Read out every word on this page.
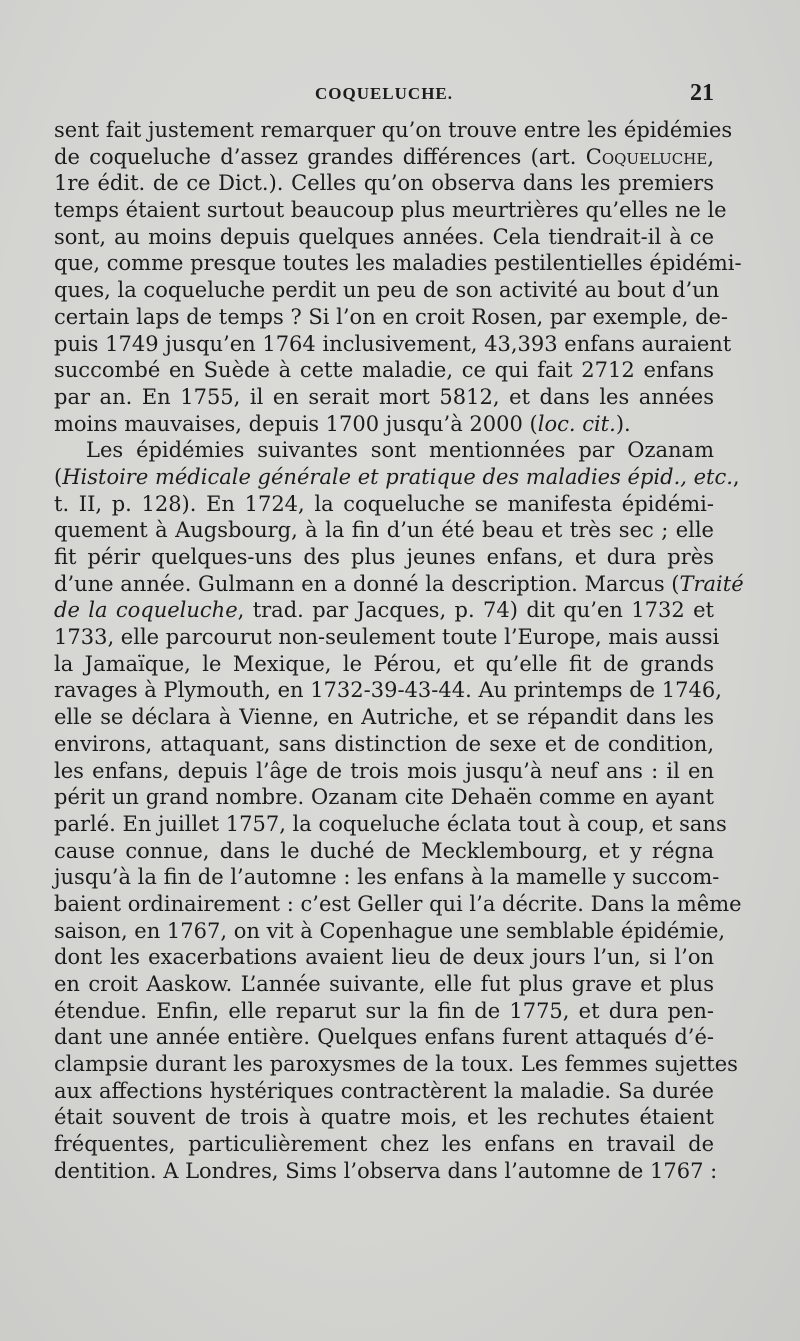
COQUELUCHE.	21
sent fait justement remarquer qu’on trouve entre les épidémies
de coqueluche d’assez grandes différences (art. Coqueluche,
1re édit. de ce Dict.). Celles qu’on observa dans les premiers
temps étaient surtout beaucoup plus meurtrières qu’elles ne le
sont, au moins depuis quelques années. Cela tiendrait-il à ce
que, comme presque toutes les maladies pestilentielles épidémi-
ques, la coqueluche perdit un peu de son activité au bout d’un
certain laps de temps ? Si l’on en croit Rosen, par exemple, de-
puis 1749 jusqu’en 1764 inclusivement, 43,393 enfans auraient
succombé en Suède à cette maladie, ce qui fait 2712 enfans
par an. En 1755, il en serait mort 5812, et dans les années
moins mauvaises, depuis 1700 jusqu’à 2000 (loc. cit.).
Les épidémies suivantes sont mentionnées par Ozanam
(Histoire médicale générale et pratique des maladies épid., etc.,
t. II, p. 128). En 1724, la coqueluche se manifesta épidémi-
quement à Augsbourg, à la fin d’un été beau et très sec ; elle
fit périr quelques-uns des plus jeunes enfans, et dura près
d’une année. Gulmann en a donné la description. Marcus (Traité
de la coqueluche, trad. par Jacques, p. 74) dit qu’en 1732 et
1733, elle parcourut non-seulement toute l’Europe, mais aussi
la Jamaïque, le Mexique, le Pérou, et qu’elle fit de grands
ravages à Plymouth, en 1732-39-43-44. Au printemps de 1746,
elle se déclara à Vienne, en Autriche, et se répandit dans les
environs, attaquant, sans distinction de sexe et de condition,
les enfans, depuis l’âge de trois mois jusqu’à neuf ans : il en
périt un grand nombre. Ozanam cite Dehaën comme en ayant
parlé. En juillet 1757, la coqueluche éclata tout à coup, et sans
cause connue, dans le duché de Mecklembourg, et y régna
jusqu’à la fin de l’automne : les enfans à la mamelle y succom-
baient ordinairement : c’est Geller qui l’a décrite. Dans la même
saison, en 1767, on vit à Copenhague une semblable épidémie,
dont les exacerbations avaient lieu de deux jours l’un, si l’on
en croit Aaskow. L’année suivante, elle fut plus grave et plus
étendue. Enfin, elle reparut sur la fin de 1775, et dura pen-
dant une année entière. Quelques enfans furent attaqués d’é-
clampsie durant les paroxysmes de la toux. Les femmes sujettes
aux affections hystériques contractèrent la maladie. Sa durée
était souvent de trois à quatre mois, et les rechutes étaient
fréquentes, particulièrement chez les enfans en travail de
dentition. A Londres, Sims l’observa dans l’automne de 1767 :
